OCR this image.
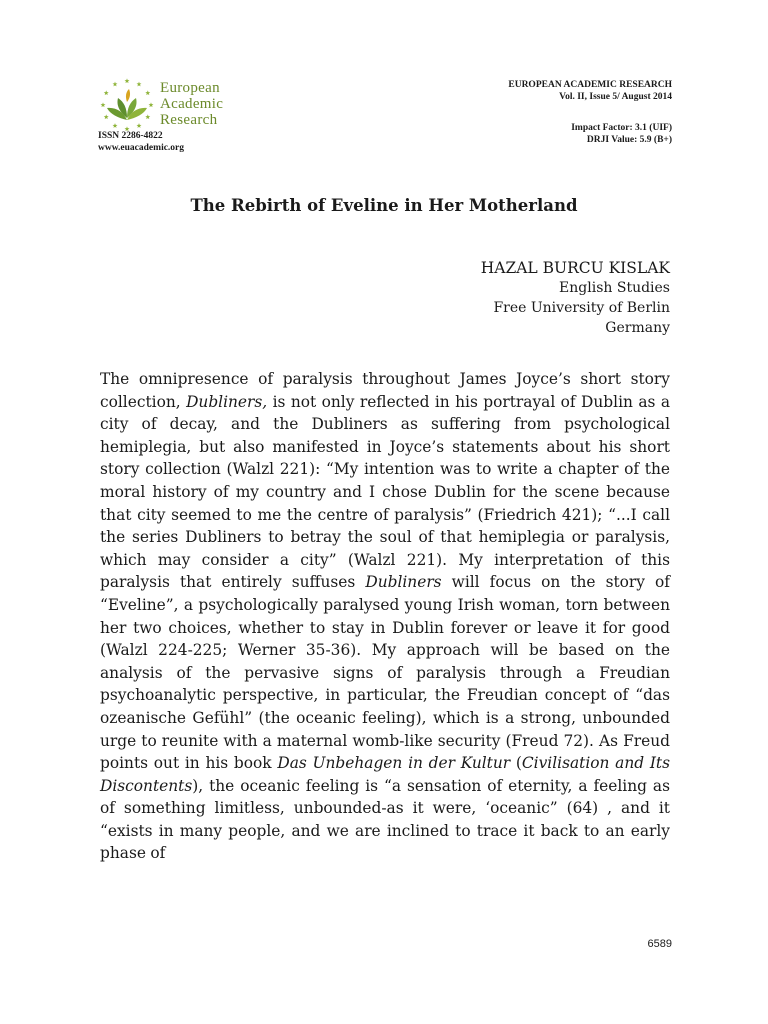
European
Academic
Research
ISSN 2286-4822
www.euacademic.org
EUROPEAN ACADEMIC RESEARCH
Vol. II, Issue 5/ August 2014
Impact Factor: 3.1 (UIF)
DRJI Value: 5.9 (B+)
The Rebirth of Eveline in Her Motherland
HAZAL BURCU KISLAK
English Studies
Free University of Berlin
Germany
The omnipresence of paralysis throughout James Joyce’s short story collection, Dubliners, is not only reflected in his portrayal of Dublin as a city of decay, and the Dubliners as suffering from psychological hemiplegia, but also manifested in Joyce’s statements about his short story collection (Walzl 221): “My intention was to write a chapter of the moral history of my country and I chose Dublin for the scene because that city seemed to me the centre of paralysis” (Friedrich 421); “...I call the series Dubliners to betray the soul of that hemiplegia or paralysis, which may consider a city” (Walzl 221). My interpretation of this paralysis that entirely suffuses Dubliners will focus on the story of “Eveline”, a psychologically paralysed young Irish woman, torn between her two choices, whether to stay in Dublin forever or leave it for good (Walzl 224-225; Werner 35-36). My approach will be based on the analysis of the pervasive signs of paralysis through a Freudian psychoanalytic perspective, in particular, the Freudian concept of “das ozeanische Gefühl” (the oceanic feeling), which is a strong, unbounded urge to reunite with a maternal womb-like security (Freud 72). As Freud points out in his book Das Unbehagen in der Kultur (Civilisation and Its Discontents), the oceanic feeling is “a sensation of eternity, a feeling as of something limitless, unbounded-as it were, ‘oceanic” (64) , and it “exists in many people, and we are inclined to trace it back to an early phase of
6589
